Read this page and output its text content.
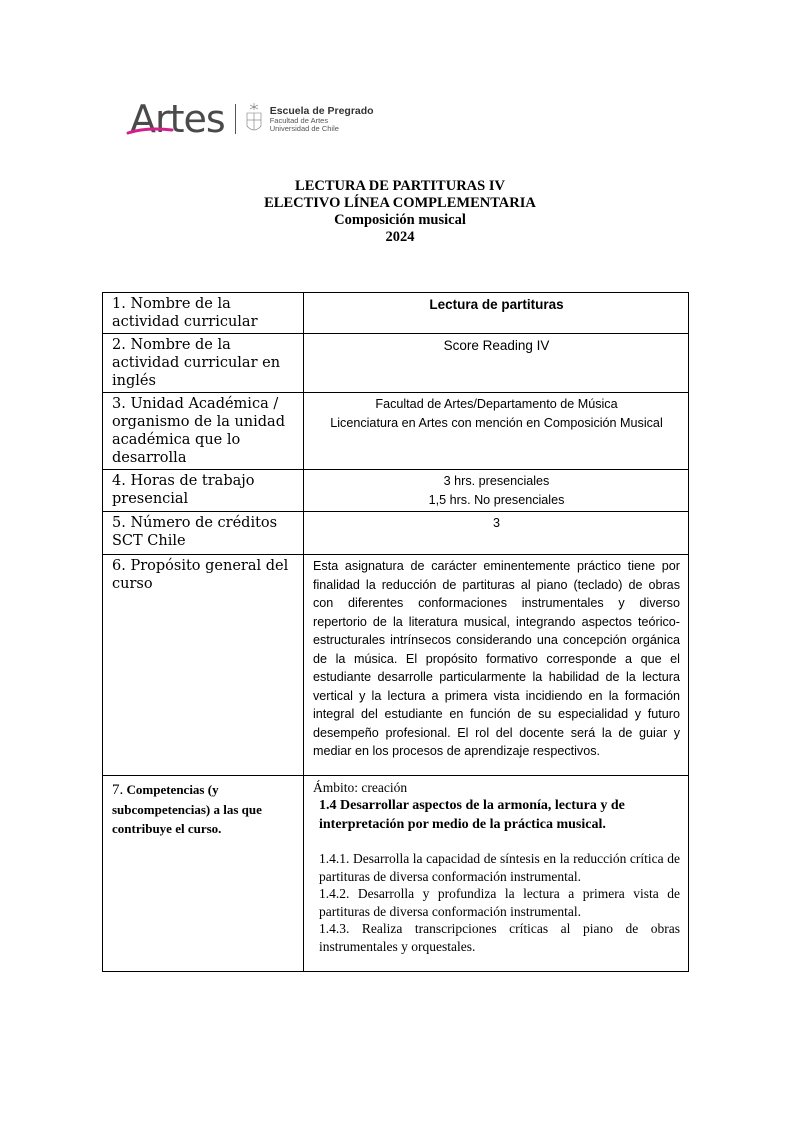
Artes	Escuela de Pregrado
Facultad de Artes
Universidad de Chile
LECTURA DE PARTITURAS IV
ELECTIVO LÍNEA COMPLEMENTARIA
Composición musical
2024
1. Nombre de la actividad curricular	Lectura de partituras
2. Nombre de la actividad curricular en inglés	Score Reading IV
3. Unidad Académica / organismo de la unidad académica que lo desarrolla	Facultad de Artes/Departamento de Música
Licenciatura en Artes con mención en Composición Musical

4. Horas de trabajo presencial	3 hrs. presenciales
1,5 hrs. No presenciales

5. Número de créditos SCT Chile	3
6. Propósito general del curso	Esta asignatura de carácter eminentemente práctico tiene por finalidad la reducción de partituras al piano (teclado) de obras con diferentes conformaciones instrumentales y diverso repertorio de la literatura musical, integrando aspectos teórico-estructurales intrínsecos considerando una concepción orgánica de la música. El propósito formativo corresponde a que el estudiante desarrolle particularmente la habilidad de la lectura vertical y la lectura a primera vista incidiendo en la formación integral del estudiante en función de su especialidad y futuro desempeño profesional. El rol del docente será la de guiar y mediar en los procesos de aprendizaje respectivos.
7. Competencias (y subcompetencias) a las que contribuye el curso.	Ámbito: creación
1.4 Desarrollar aspectos de la armonía, lectura y de interpretación por medio de la práctica musical.
1.4.1. Desarrolla la capacidad de síntesis en la reducción crítica de partituras de diversa conformación instrumental.
1.4.2. Desarrolla y profundiza la lectura a primera vista de partituras de diversa conformación instrumental.
1.4.3. Realiza transcripciones críticas al piano de obras instrumentales y orquestales.
